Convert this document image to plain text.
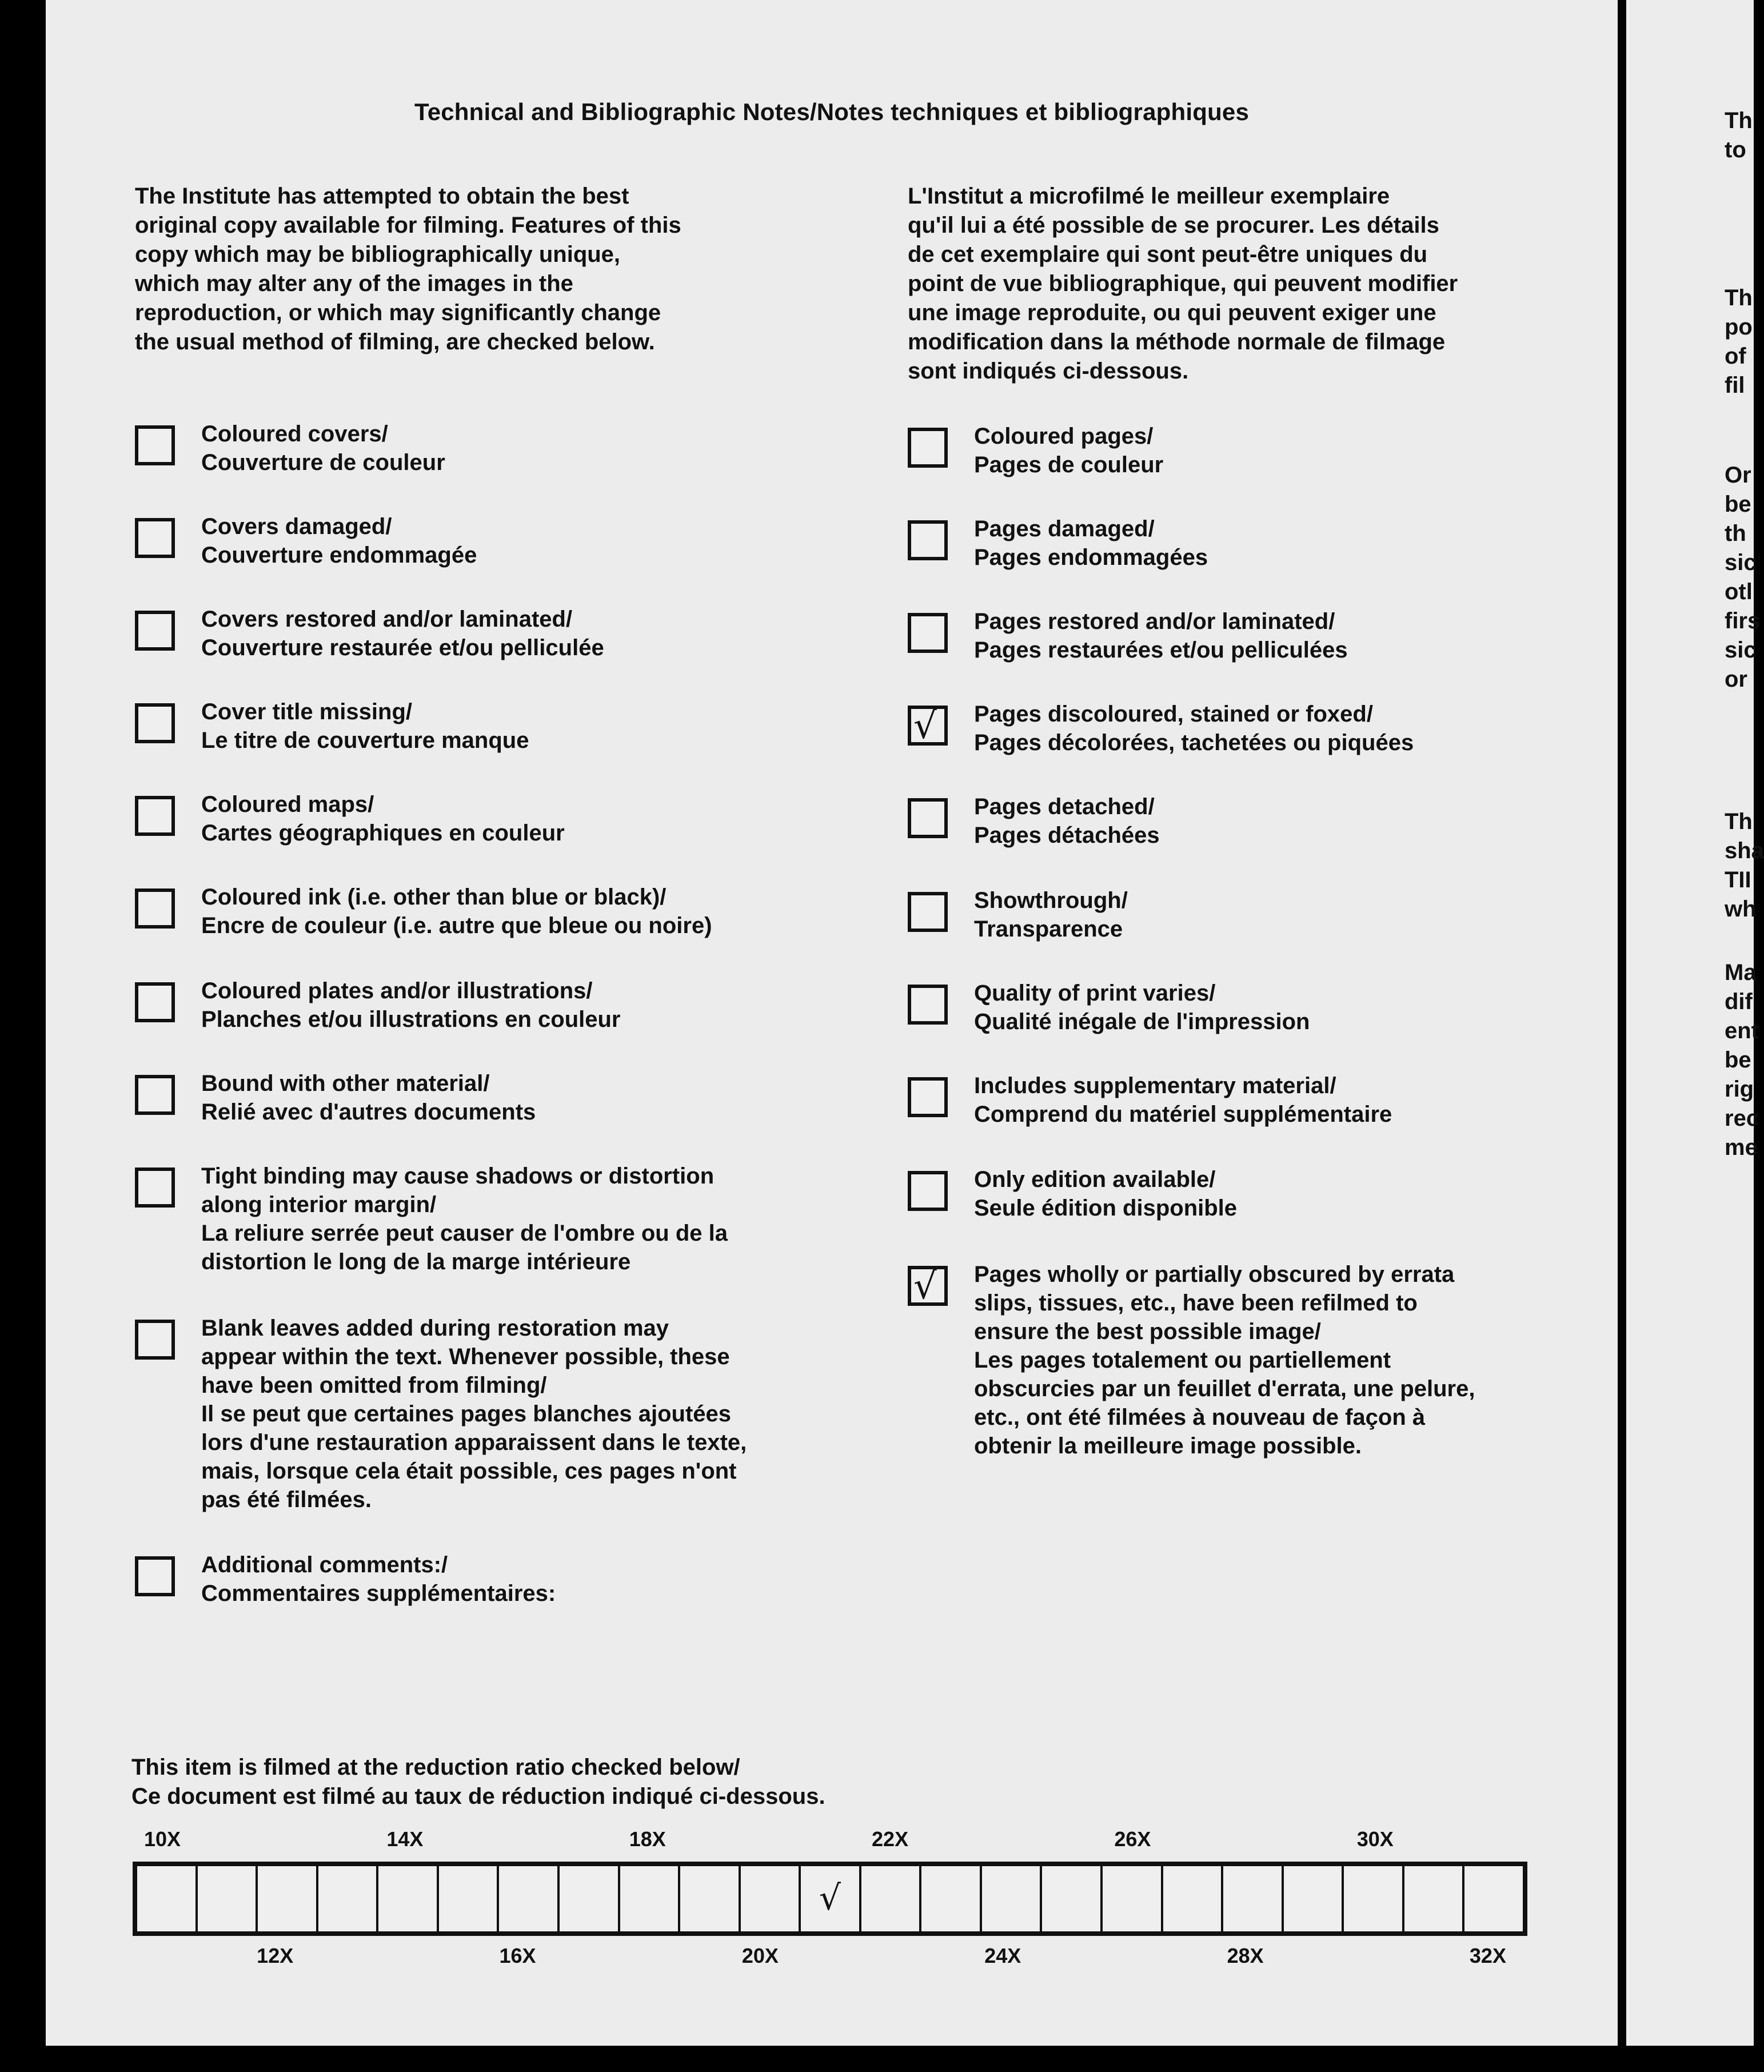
Th
to
Th
po
of
fil
Or
be
th
sic
otl
firs
sic
or
Th
sha
TII
wh
Ma
dif
ent
be
rig
rec
me
Technical and Bibliographic Notes/Notes techniques et bibliographiques

The Institute has attempted to obtain the best
original copy available for filming. Features of this
copy which may be bibliographically unique,
which may alter any of the images in the
reproduction, or which may significantly change
the usual method of filming, are checked below.

L'Institut a microfilmé le meilleur exemplaire
qu'il lui a été possible de se procurer. Les détails
de cet exemplaire qui sont peut-être uniques du
point de vue bibliographique, qui peuvent modifier
une image reproduite, ou qui peuvent exiger une
modification dans la méthode normale de filmage
sont indiqués ci-dessous.

Coloured covers/
Couverture de couleur
Covers damaged/
Couverture endommagée
Covers restored and/or laminated/
Couverture restaurée et/ou pelliculée
Cover title missing/
Le titre de couverture manque
Coloured maps/
Cartes géographiques en couleur
Coloured ink (i.e. other than blue or black)/
Encre de couleur (i.e. autre que bleue ou noire)
Coloured plates and/or illustrations/
Planches et/ou illustrations en couleur
Bound with other material/
Relié avec d'autres documents
Tight binding may cause shadows or distortion
along interior margin/
La reliure serrée peut causer de l'ombre ou de la
distortion le long de la marge intérieure
Blank leaves added during restoration may
appear within the text. Whenever possible, these
have been omitted from filming/
Il se peut que certaines pages blanches ajoutées
lors d'une restauration apparaissent dans le texte,
mais, lorsque cela était possible, ces pages n'ont
pas été filmées.
Additional comments:/
Commentaires supplémentaires:
Coloured pages/
Pages de couleur
Pages damaged/
Pages endommagées
Pages restored and/or laminated/
Pages restaurées et/ou pelliculées
√ Pages discoloured, stained or foxed/
Pages décolorées, tachetées ou piquées
Pages detached/
Pages détachées
Showthrough/
Transparence
Quality of print varies/
Qualité inégale de l'impression
Includes supplementary material/
Comprend du matériel supplémentaire
Only edition available/
Seule édition disponible
√ Pages wholly or partially obscured by errata
slips, tissues, etc., have been refilmed to
ensure the best possible image/
Les pages totalement ou partiellement
obscurcies par un feuillet d'errata, une pelure,
etc., ont été filmées à nouveau de façon à
obtenir la meilleure image possible.
This item is filmed at the reduction ratio checked below/
Ce document est filmé au taux de réduction indiqué ci-dessous.
10X	14X	18X	22X	26X	30X
√
12X	16X	20X	24X	28X	32X
